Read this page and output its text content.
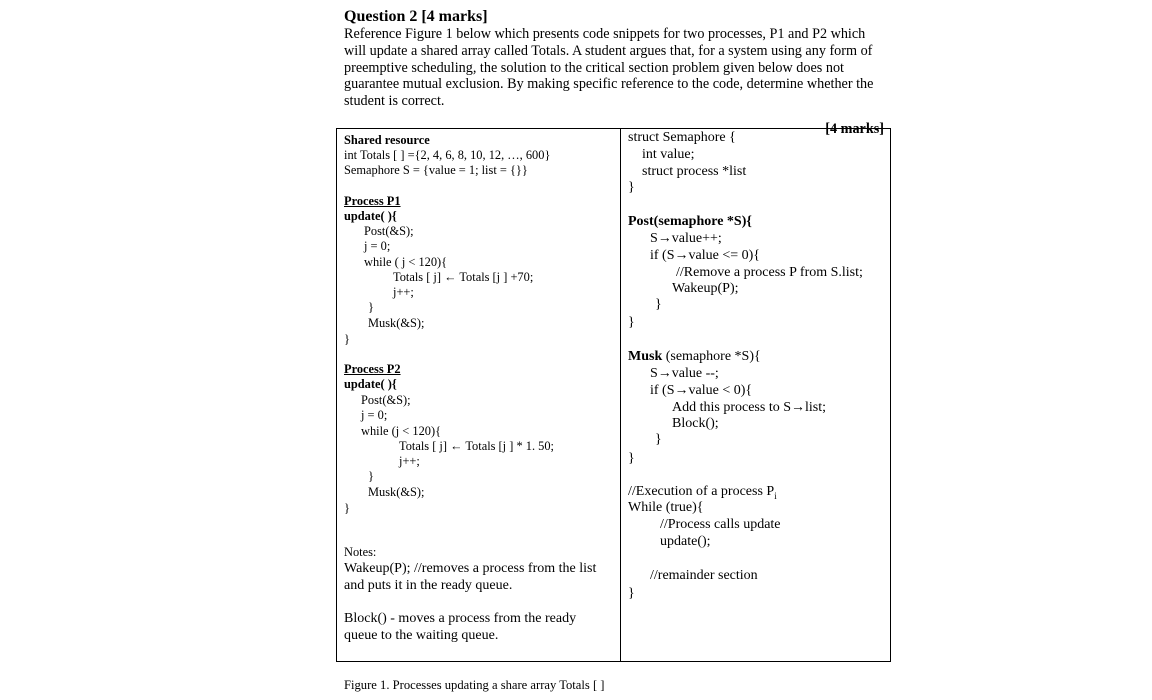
Question 2 [4 marks]
Reference Figure 1 below which presents code snippets for two processes, P1 and P2 which
will update a shared array called Totals. A student argues that, for a system using any form of
preemptive scheduling, the solution to the critical section problem given below does not
guarantee mutual exclusion. By making specific reference to the code, determine whether the
student is correct.
[4 marks]
Shared resource
int Totals [ ] ={2, 4, 6, 8, 10, 12, …, 600}
Semaphore S = {value = 1; list = {}}
Process P1
update( ){
Post(&S);
j = 0;
while ( j < 120){
Totals [ j] ← Totals [j ] +70;
j++;
}
Musk(&S);
}
Process P2
update( ){
Post(&S);
j = 0;
while (j < 120){
Totals [ j] ← Totals [j ] * 1. 50;
j++;
}
Musk(&S);
}
Notes:
Wakeup(P); //removes a process from the list
and puts it in the ready queue.
Block() - moves a process from the ready
queue to the waiting queue.
struct Semaphore {
int value;
struct process *list
}
Post(semaphore *S){
S→value++;
if (S→value <= 0){
//Remove a process P from S.list;
Wakeup(P);
}
}
Musk (semaphore *S){
S→value --;
if (S→value < 0){
Add this process to S→list;
Block();
}
}
//Execution of a process $P_i$
While (true){
//Process calls update
update();
//remainder section
}
Figure 1. Processes updating a share array Totals [ ]
